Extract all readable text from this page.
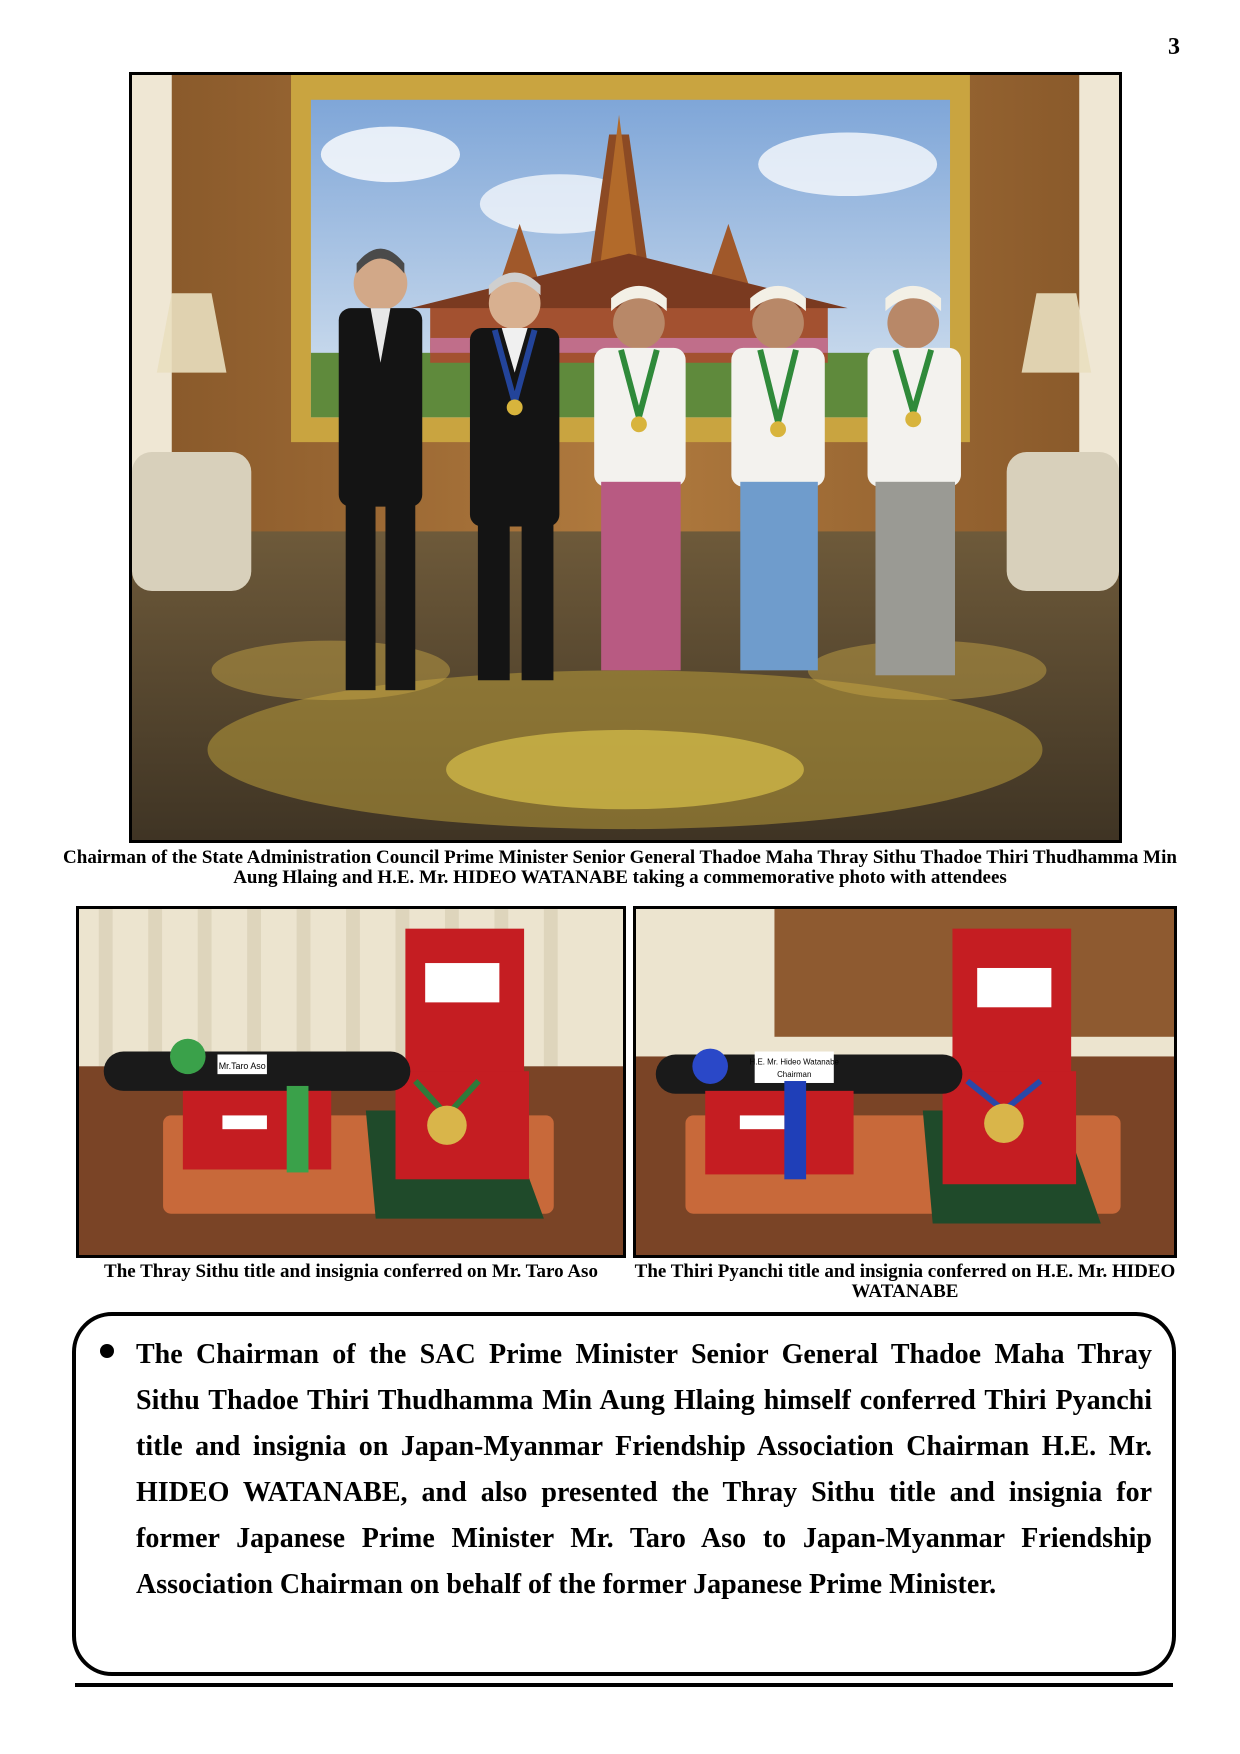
3
Chairman of the State Administration Council Prime Minister Senior General Thadoe Maha Thray Sithu Thadoe Thiri Thudhamma Min Aung Hlaing and H.E. Mr. HIDEO WATANABE taking a commemorative photo with attendees
Mr.Taro Aso
The Thray Sithu title and insignia conferred on Mr. Taro Aso
H.E. Mr. Hideo Watanabe
Chairman
The Thiri Pyanchi title and insignia conferred on H.E. Mr. HIDEO WATANABE
The Chairman of the SAC Prime Minister Senior General Thadoe Maha Thray Sithu Thadoe Thiri Thudhamma Min Aung Hlaing himself conferred Thiri Pyanchi title and insignia on Japan-Myanmar Friendship Association Chairman H.E. Mr. HIDEO WATANABE, and also presented the Thray Sithu title and insignia for former Japanese Prime Minister Mr. Taro Aso to Japan-Myanmar Friendship Association Chairman on behalf of the former Japanese Prime Minister.
